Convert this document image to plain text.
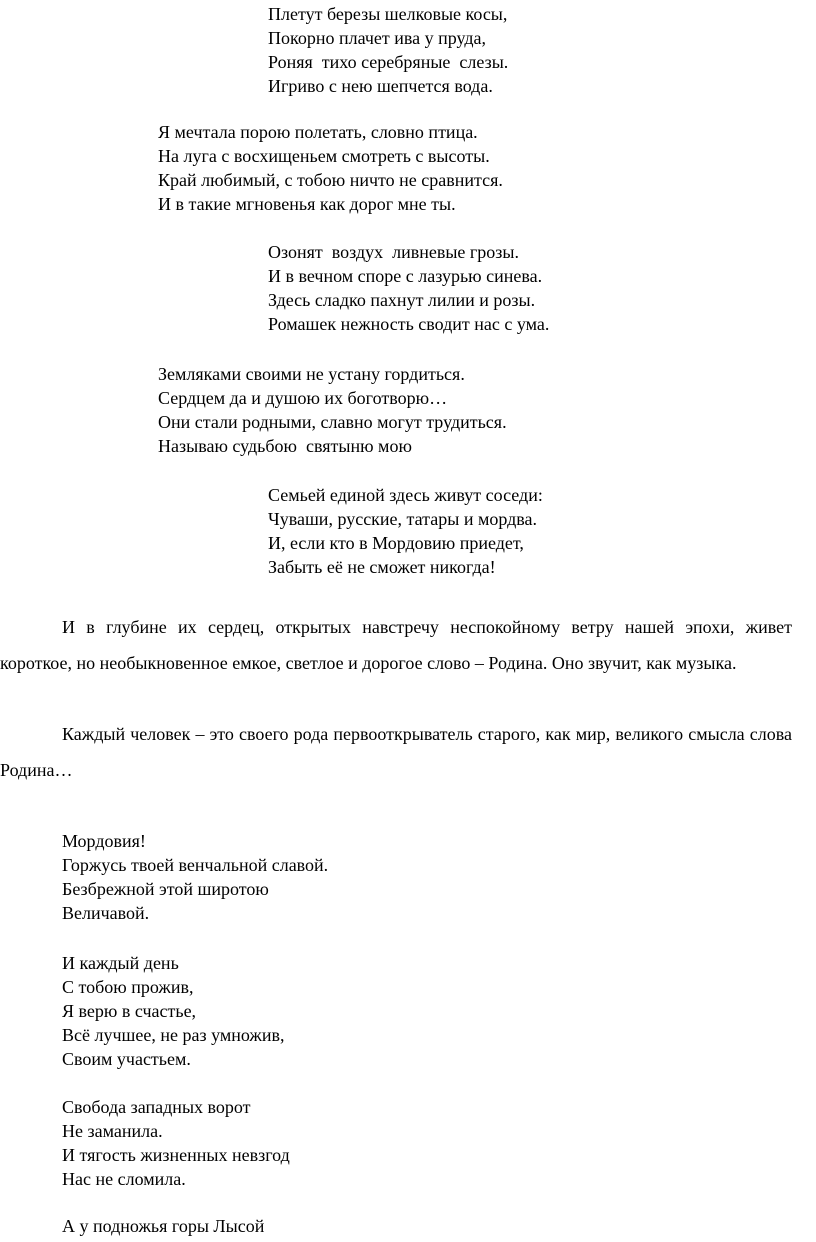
Плетут березы шелковые косы,
Покорно плачет ива у пруда,
Роняя  тихо серебряные  слезы.
Игриво с нею шепчется вода.
Я мечтала порою полетать, словно птица.
На луга с восхищеньем смотреть с высоты.
Край любимый, с тобою ничто не сравнится.
И в такие мгновенья как дорог мне ты.
Озонят  воздух  ливневые грозы.
И в вечном споре с лазурью синева.
Здесь сладко пахнут лилии и розы.
Ромашек нежность сводит нас с ума.
Земляками своими не устану гордиться.
Сердцем да и душою их боготворю…
Они стали родными, славно могут трудиться.
Называю судьбою  святыню мою
Семьей единой здесь живут соседи:
Чуваши, русские, татары и мордва.
И, если кто в Мордовию приедет,
Забыть её не сможет никогда!

И в глубине их сердец, открытых навстречу неспокойному ветру нашей эпохи, живет короткое, но необыкновенное емкое, светлое и дорогое слово – Родина. Оно звучит, как музыка.

Каждый человек – это своего рода первооткрыватель старого, как мир, великого смысла слова Родина…

Мордовия!
Горжусь твоей венчальной славой.
Безбрежной этой широтою
Величавой.
И каждый день
С тобою прожив,
Я верю в счастье,
Всё лучшее, не раз умножив,
Своим участьем.
Свобода западных ворот
Не заманила.
И тягость жизненных невзгод
Нас не сломила.
А у подножья горы Лысой
